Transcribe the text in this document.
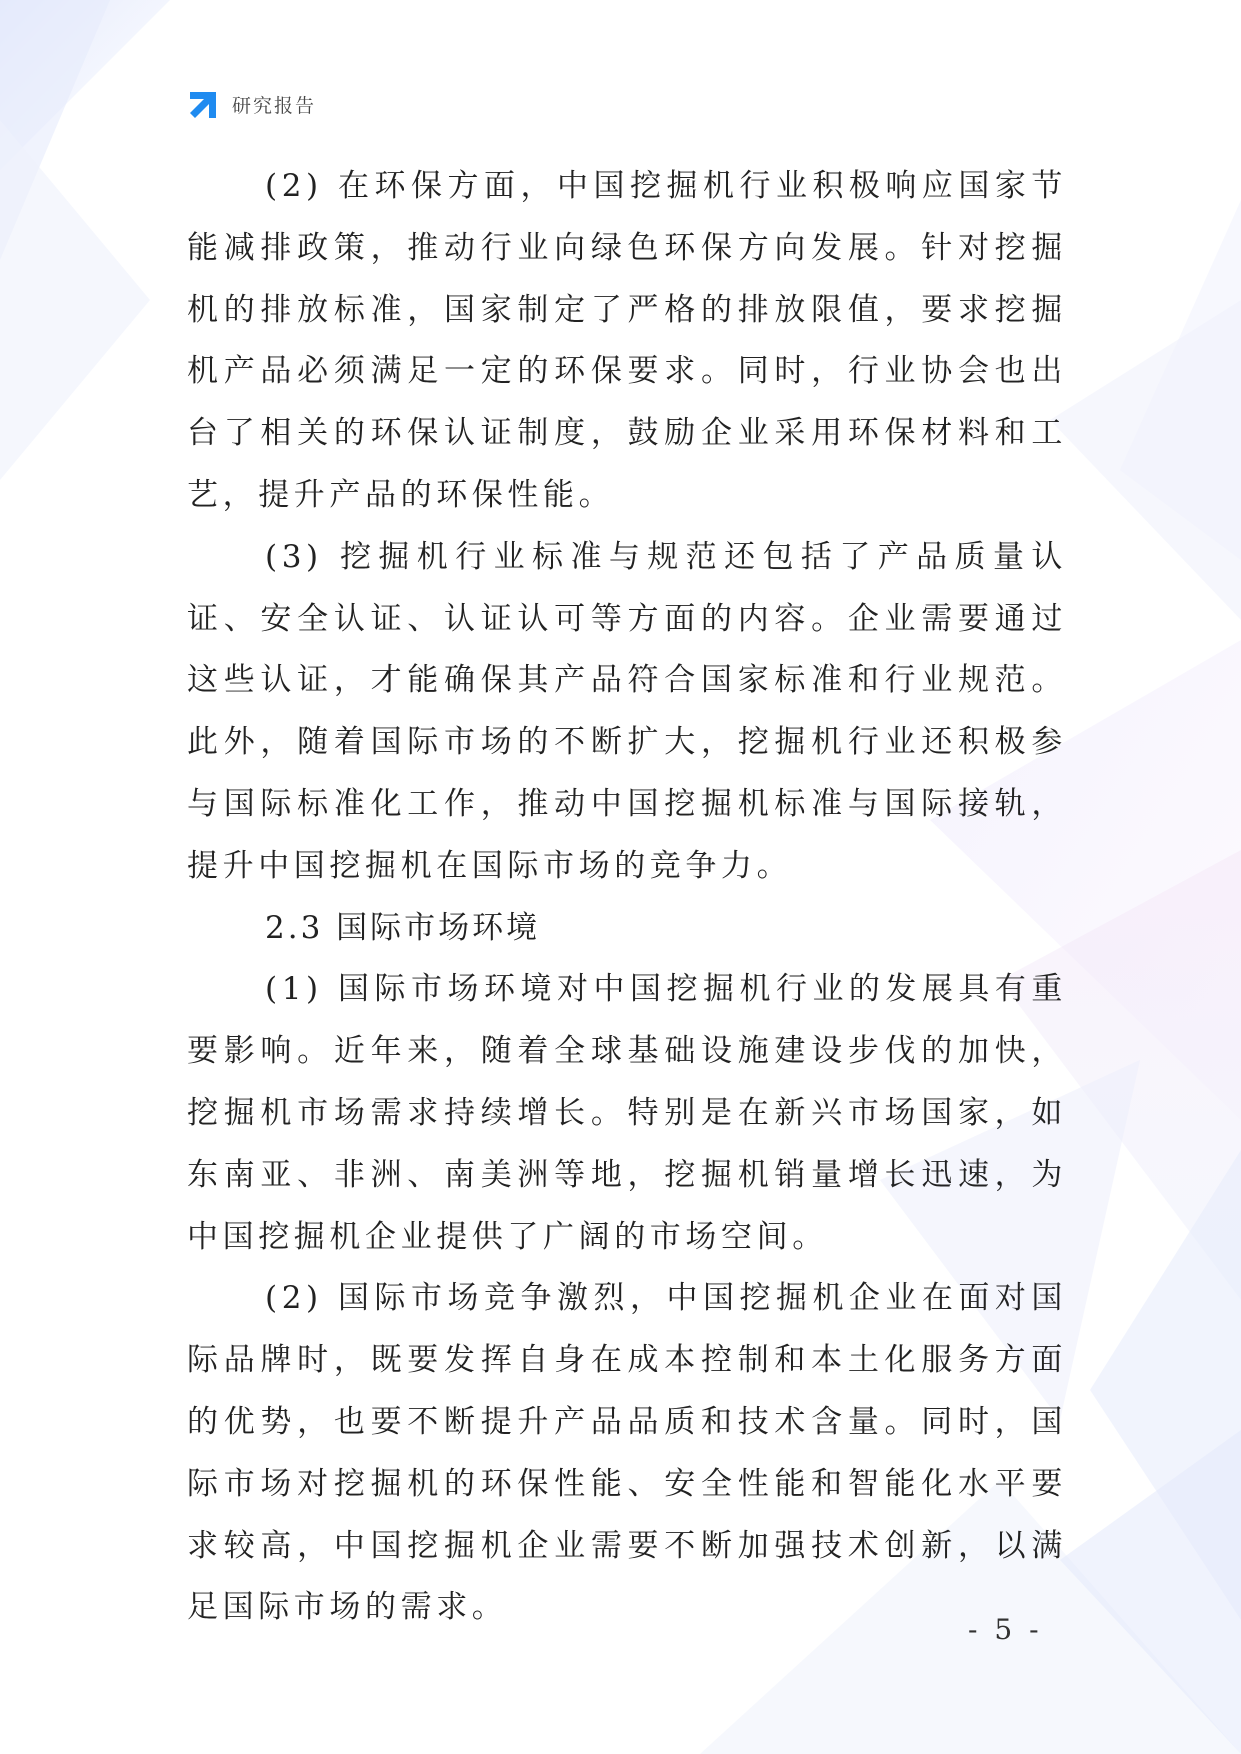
研究报告

(2) 在环保方面，中国挖掘机行业积极响应国家节能减排政策，推动行业向绿色环保方向发展。针对挖掘机的排放标准，国家制定了严格的排放限值，要求挖掘机产品必须满足一定的环保要求。同时，行业协会也出台了相关的环保认证制度，鼓励企业采用环保材料和工艺，提升产品的环保性能。

(3) 挖掘机行业标准与规范还包括了产品质量认证、安全认证、认证认可等方面的内容。企业需要通过这些认证，才能确保其产品符合国家标准和行业规范。此外，随着国际市场的不断扩大，挖掘机行业还积极参与国际标准化工作，推动中国挖掘机标准与国际接轨，提升中国挖掘机在国际市场的竞争力。

2.3 国际市场环境

(1) 国际市场环境对中国挖掘机行业的发展具有重要影响。近年来，随着全球基础设施建设步伐的加快，挖掘机市场需求持续增长。特别是在新兴市场国家，如东南亚、非洲、南美洲等地，挖掘机销量增长迅速，为中国挖掘机企业提供了广阔的市场空间。

(2) 国际市场竞争激烈，中国挖掘机企业在面对国际品牌时，既要发挥自身在成本控制和本土化服务方面的优势，也要不断提升产品品质和技术含量。同时，国际市场对挖掘机的环保性能、安全性能和智能化水平要求较高，中国挖掘机企业需要不断加强技术创新，以满足国际市场的需求。

- 5 -
